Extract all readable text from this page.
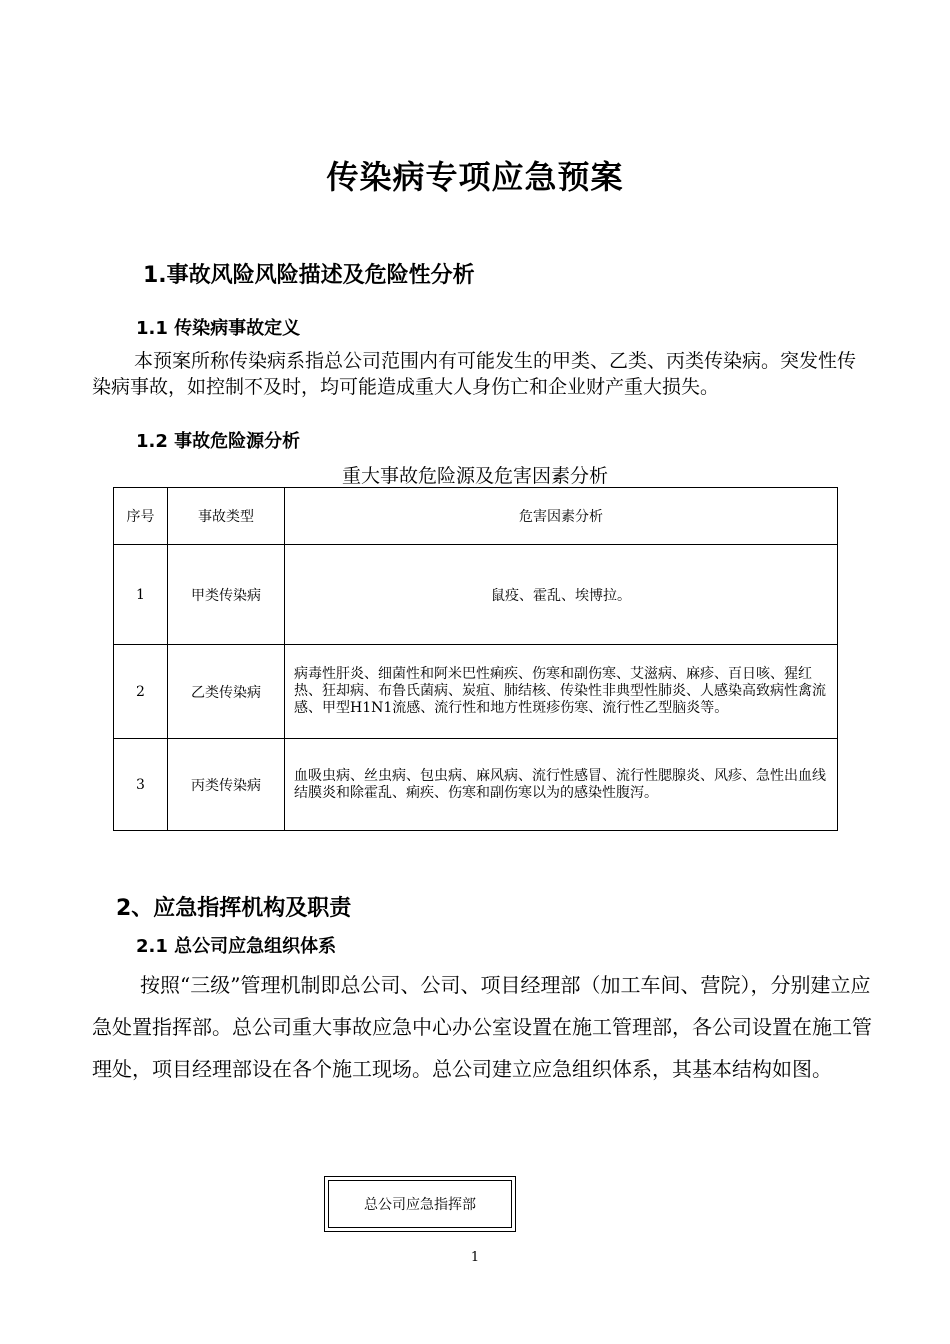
传染病专项应急预案
1.事故风险风险描述及危险性分析
1.1 传染病事故定义
本预案所称传染病系指总公司范围内有可能发生的甲类、乙类、丙类传染病。突发性传染病事故，如控制不及时，均可能造成重大人身伤亡和企业财产重大损失。
1.2 事故危险源分析
重大事故危险源及危害因素分析
序号	事故类型	危害因素分析
1	甲类传染病	鼠疫、霍乱、埃博拉。
2	乙类传染病	病毒性肝炎、细菌性和阿米巴性痢疾、伤寒和副伤寒、艾滋病、麻疹、百日咳、猩红热、狂却病、布鲁氏菌病、炭疽、肺结核、传染性非典型性肺炎、人感染高致病性禽流感、甲型H1N1流感、流行性和地方性斑疹伤寒、流行性乙型脑炎等。
3	丙类传染病	血吸虫病、丝虫病、包虫病、麻风病、流行性感冒、流行性腮腺炎、风疹、急性出血线结膜炎和除霍乱、痢疾、伤寒和副伤寒以为的感染性腹泻。
2、应急指挥机构及职责
2.1 总公司应急组织体系
按照“三级”管理机制即总公司、公司、项目经理部（加工车间、营院），分别建立应急处置指挥部。总公司重大事故应急中心办公室设置在施工管理部，各公司设置在施工管理处，项目经理部设在各个施工现场。总公司建立应急组织体系，其基本结构如图。
总公司应急指挥部
1
